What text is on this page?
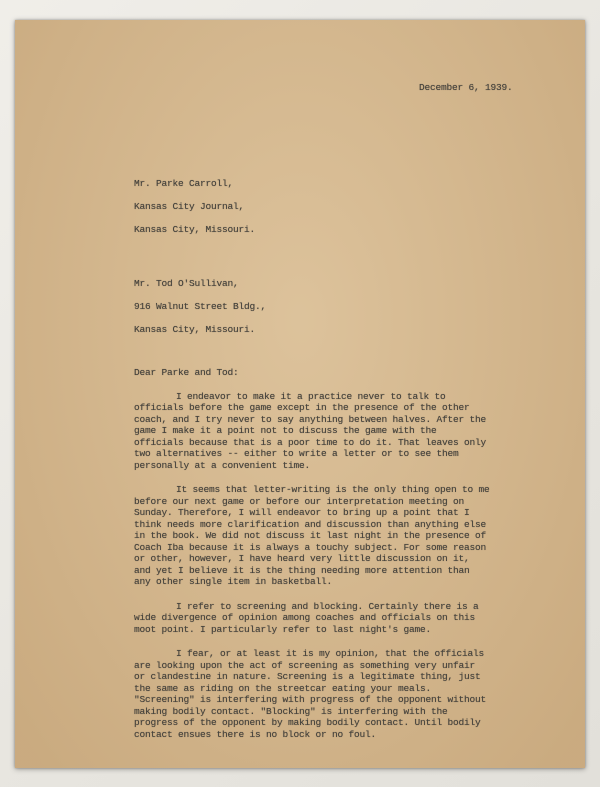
December 6, 1939.

Mr. Parke Carroll,

Kansas City Journal,

Kansas City, Missouri.

Mr. Tod O'Sullivan,

916 Walnut Street Bldg.,

Kansas City, Missouri.

Dear Parke and Tod:
I endeavor to make it a practice never to talk to officials before the game except in the presence of the other coach, and I try never to say anything between halves. After the game I make it a point not to discuss the game with the officials because that is a poor time to do it. That leaves only two alternatives -- either to write a letter or to see them personally at a convenient time.
It seems that letter-writing is the only thing open to me before our next game or before our interpretation meeting on Sunday. Therefore, I will endeavor to bring up a point that I think needs more clarification and discussion than anything else in the book. We did not discuss it last night in the presence of Coach Iba because it is always a touchy subject. For some reason or other, however, I have heard very little discussion on it, and yet I believe it is the thing needing more attention than any other single item in basketball.
I refer to screening and blocking. Certainly there is a wide divergence of opinion among coaches and officials on this moot point. I particularly refer to last night's game.
I fear, or at least it is my opinion, that the officials are looking upon the act of screening as something very unfair or clandestine in nature. Screening is a legitimate thing, just the same as riding on the streetcar eating your meals. "Screening" is interfering with progress of the opponent without making bodily contact. "Blocking" is interfering with the progress of the opponent by making bodily contact. Until bodily contact ensues there is no block or no foul.
